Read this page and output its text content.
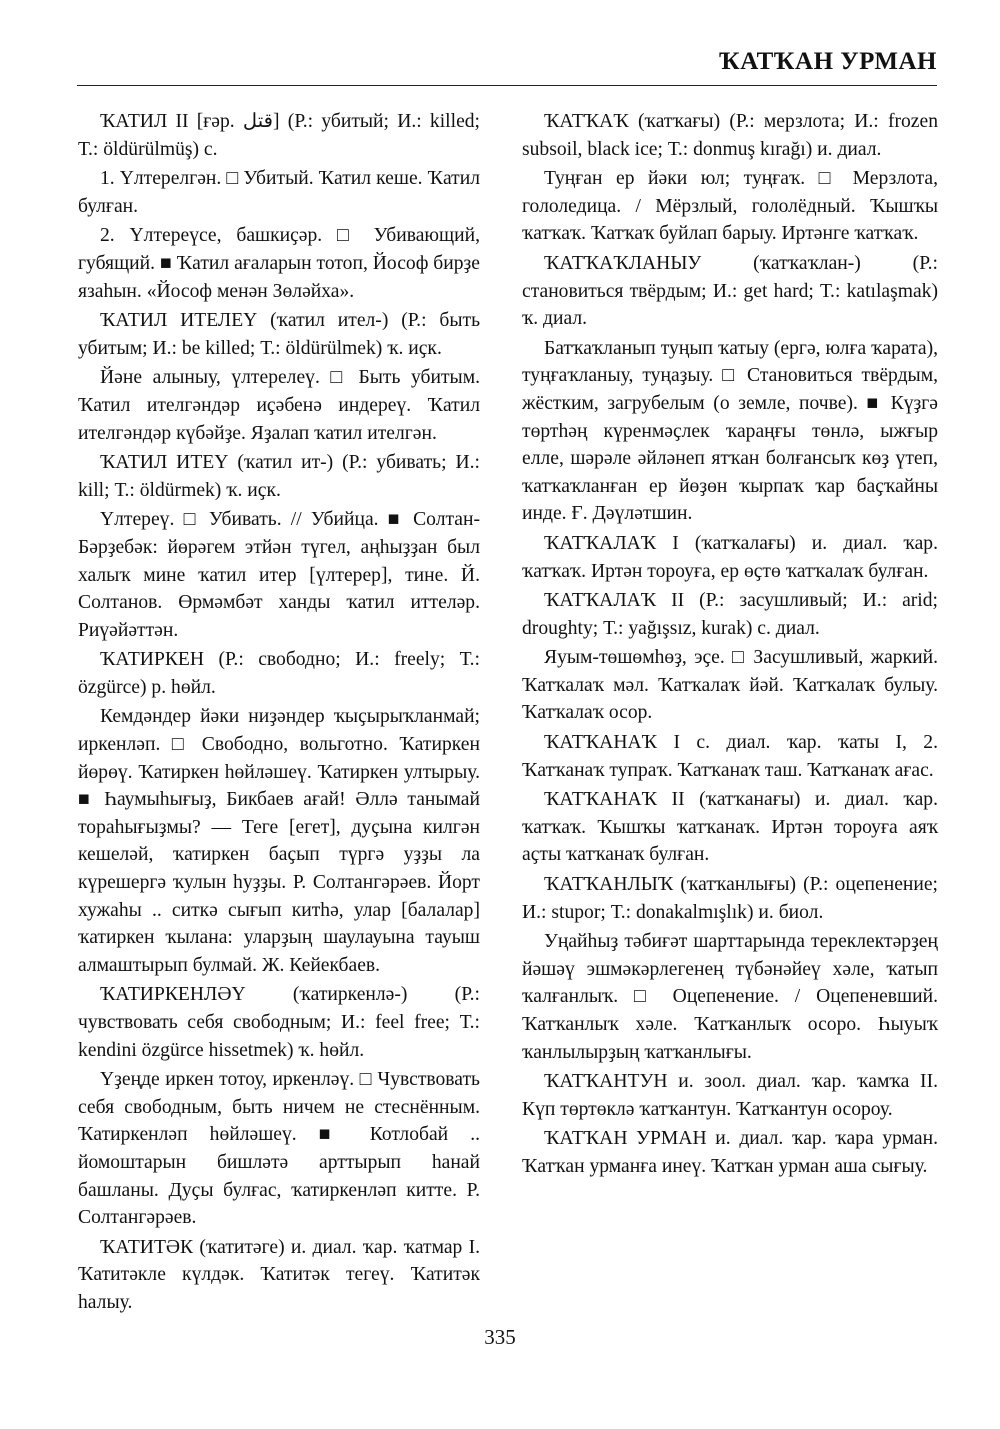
ҠАТҠАН УРМАН

ҠАТИЛ II [ғәр. قتل] (Р.: убитый; И.: killed; Т.: öldürülmüş) с.

1. Үлтерелгән. □ Убитый. Ҡатил кеше. Ҡатил булған.

2. Үлтереүсе, башкиҫәр. □ Убивающий, губящий. ■ Ҡатил ағаларын тотоп, Йософ бирҙе язаһын. «Йософ менән Зөләйха».

ҠАТИЛ ИТЕЛЕҮ (ҡатил ител-) (Р.: быть убитым; И.: be killed; Т.: öldürülmek) ҡ. иҫк.

Йәне алыныу, үлтерелеү. □ Быть убитым. Ҡатил ителгәндәр иҫәбенә индереү. Ҡатил ителгәндәр күбәйҙе. Яҙалап ҡатил ителгән.

ҠАТИЛ ИТЕҮ (ҡатил ит-) (Р.: убивать; И.: kill; Т.: öldürmek) ҡ. иҫк.

Үлтереү. □ Убивать. // Убийца. ■ Солтан-Бәрҙебәк: йөрәгем этйән түгел, аңһыҙҙан был халыҡ мине ҡатил итер [үлтерер], тине. Й. Солтанов. Өрмәмбәт ханды ҡатил иттеләр. Риүәйәттән.

ҠАТИРКЕН (Р.: свободно; И.: freely; Т.: özgürce) р. һөйл.

Кемдәндер йәки ниҙәндер ҡыҫырыҡланмай; иркенләп. □ Свободно, вольготно. Ҡатиркен йөрөү. Ҡатиркен һөйләшеү. Ҡатиркен ултырыу. ■ Һаумыһығыҙ, Бикбаев ағай! Әллә танымай тораһығыҙмы? — Теге [егет], дуҫына килгән кешеләй, ҡатиркен баҫып түргә уҙҙы ла күрешергә ҡулын һуҙҙы. Р. Солтангәрәев. Йорт хужаһы .. ситкә сығып китһә, улар [балалар] ҡатиркен ҡылана: уларҙың шаулауына тауыш алмаштырып булмай. Ж. Кейекбаев.

ҠАТИРКЕНЛӘҮ (ҡатиркенлә-) (Р.: чувствовать себя свободным; И.: feel free; Т.: kendini özgürce hissetmek) ҡ. һөйл.

Үҙеңде иркен тотоу, иркенләү. □ Чувствовать себя свободным, быть ничем не стеснённым. Ҡатиркенләп һөйләшеү. ■ Котлобай .. йомоштарын бишләтә арттырып һанай башланы. Дуҫы булғас, ҡатиркенләп китте. Р. Солтангәрәев.

ҠАТИТӘК (ҡатитәге) и. диал. ҡар. ҡатмар I. Ҡатитәкле күлдәк. Ҡатитәк тегеү. Ҡатитәк һалыу.

ҠАТҠАҠ (ҡатҡағы) (Р.: мерзлота; И.: frozen subsoil, black ice; Т.: donmuş kırağı) и. диал.

Туңған ер йәки юл; туңғаҡ. □ Мерзлота, гололедица. / Мёрзлый, гололёдный. Ҡышҡы ҡатҡаҡ. Ҡатҡаҡ буйлап барыу. Иртәнге ҡатҡаҡ.

ҠАТҠАҠЛАНЫУ (ҡатҡаҡлан-) (Р.: становиться твёрдым; И.: get hard; Т.: katılaşmak) ҡ. диал.

Батҡаҡланып туңып ҡатыу (ергә, юлға ҡарата), туңғаҡланыу, туңаҙыу. □ Становиться твёрдым, жёстким, загрубелым (о земле, почве). ■ Күҙгә төртһәң күренмәҫлек ҡараңғы төнлә, ыжғыр елле, шәрәле әйләнеп ятҡан болғансыҡ көҙ үтеп, ҡатҡаҡланған ер йөҙөн ҡырпаҡ ҡар баҫҡайны инде. Ғ. Дәүләтшин.

ҠАТҠАЛАҠ I (ҡатҡалағы) и. диал. ҡар. ҡатҡаҡ. Иртән тороуға, ер өҫтө ҡатҡалаҡ булған.

ҠАТҠАЛАҠ II (Р.: засушливый; И.: arid; droughty; Т.: yağışsız, kurak) с. диал.

Яуым-төшөмһөҙ, эҫе. □ Засушливый, жаркий. Ҡатҡалаҡ мәл. Ҡатҡалаҡ йәй. Ҡатҡалаҡ булыу. Ҡатҡалаҡ осор.

ҠАТҠАНАҠ I с. диал. ҡар. ҡаты I, 2. Ҡатҡанаҡ тупраҡ. Ҡатҡанаҡ таш. Ҡатҡанаҡ ағас.

ҠАТҠАНАҠ II (ҡатҡанағы) и. диал. ҡар. ҡатҡаҡ. Ҡышҡы ҡатҡанаҡ. Иртән тороуға аяҡ аҫты ҡатҡанаҡ булған.

ҠАТҠАНЛЫҠ (ҡатҡанлығы) (Р.: оцепенение; И.: stupor; Т.: donakalmışlık) и. биол.

Уңайһыҙ тәбиғәт шарттарында тереклектәрҙең йәшәү эшмәкәрлегенең түбәнәйеү хәле, ҡатып ҡалғанлыҡ. □ Оцепенение. / Оцепеневший. Ҡатҡанлыҡ хәле. Ҡатҡанлыҡ осоро. Һыуыҡ ҡанлылырҙың ҡатҡанлығы.

ҠАТҠАНТУН и. зоол. диал. ҡар. ҡамҡа II. Күп төртөклә ҡатҡантун. Ҡатҡантун осороу.

ҠАТҠАН УРМАН и. диал. ҡар. ҡара урман. Ҡатҡан урманға инеү. Ҡатҡан урман аша сығыу.

335
